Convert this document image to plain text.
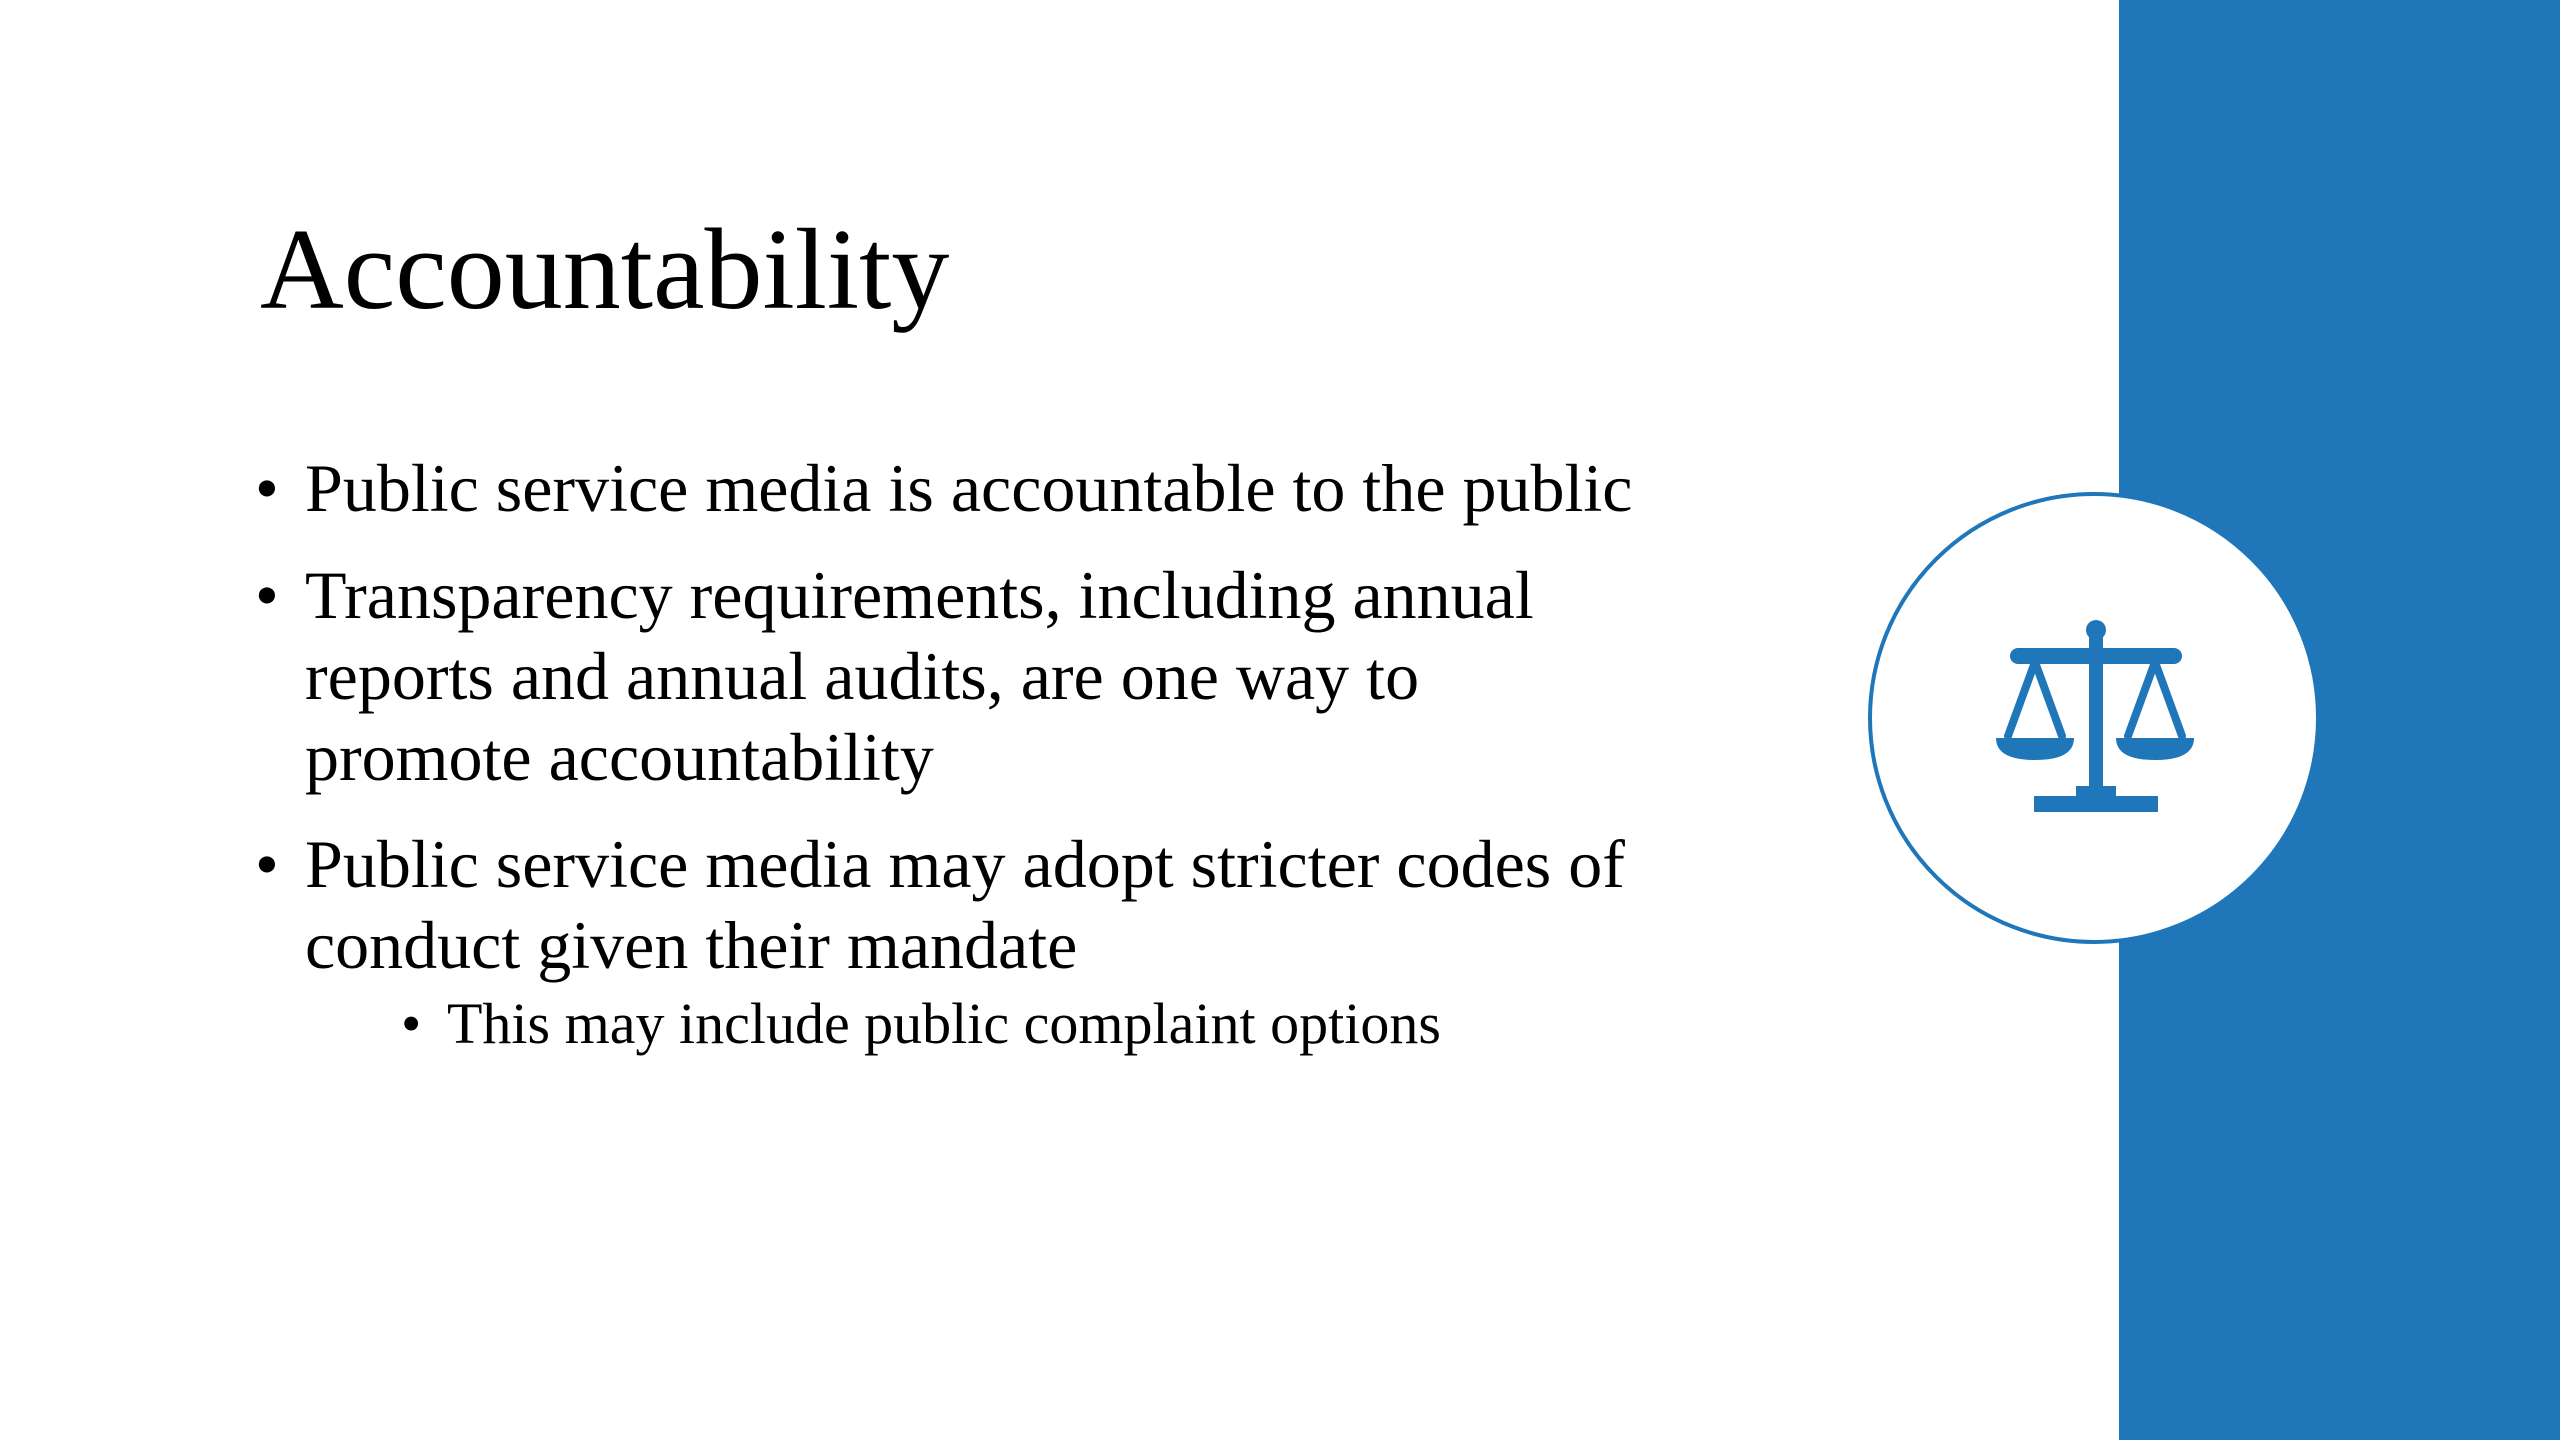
Accountability
• Public service media is accountable to the public
• Transparency requirements, including annual reports and annual audits, are one way to promote accountability
• Public service media may adopt stricter codes of conduct given their mandate
• This may include public complaint options
